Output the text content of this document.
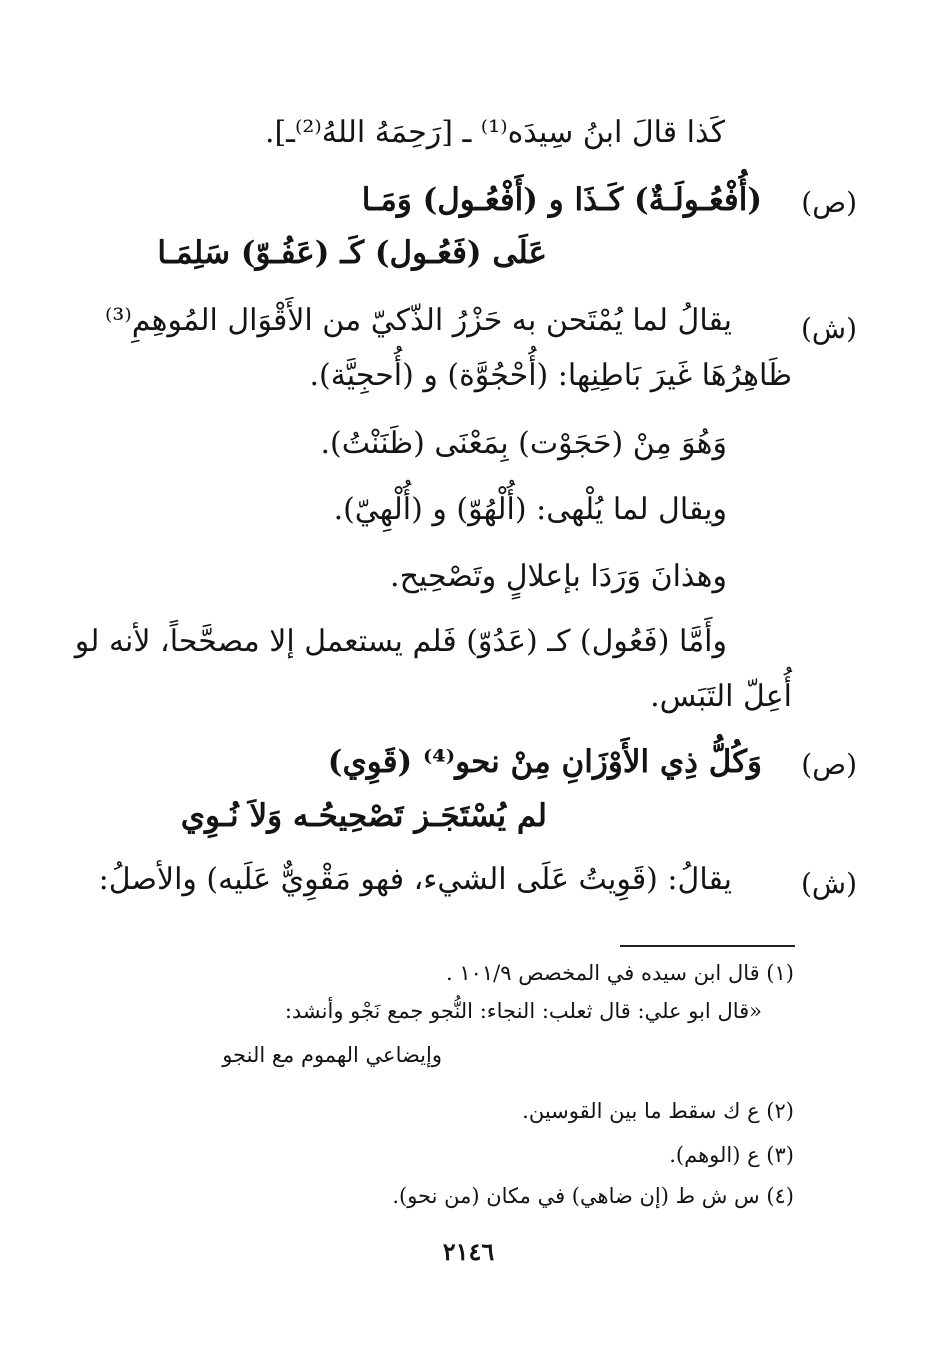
كَذا قالَ ابنُ سِيدَه⁽¹⁾ ـ [رَحِمَهُ اللهُ⁽²⁾ـ].
(ص)
(أُفْعُـولَـةٌ) كَـذَا و (أَفْعُـول) وَمَـا
عَلَى (فَعُـول) كَـ (عَفُـوّ) سَلِمَـا
(ش)
يقالُ لما يُمْتَحن به حَزْرُ الذّكيّ من الأَقْوَال المُوهِمِ⁽³⁾
ظَاهِرُهَا غَيرَ بَاطِنِها: (أُحْجُوَّة) و (أُحجِيَّة).
وَهُوَ مِنْ (حَجَوْت) بِمَعْنَى (ظَنَنْتُ).
ويقال لما يُلْهى: (أُلْهُوّ) و (أُلْهِيّ).
وهذانَ وَرَدَا بإعلالٍ وتَصْحِيح.
وأَمَّا (فَعُول) كـ (عَدُوّ) فَلم يستعمل إلا مصحَّحاً، لأنه لو
أُعِلّ التَبَس.
(ص)
وَكُلُّ ذِي الأَوْزَانِ مِنْ نحو⁽⁴⁾ (قَوِي)
لم يُسْتَجَـز تَصْحِيحُـه وَلاَ نُـوِي
(ش)
يقالُ: (قَوِيتُ عَلَى الشيء، فهو مَقْوِيٌّ عَلَيه) والأصلُ:
(١) قال ابن سيده في المخصص ١٠١/٩ .
«قال ابو علي: قال ثعلب: النجاء: النُّجو جمع نَجْو وأنشد:
وإيضاعي الهموم مع النجو
(٢) ع ك سقط ما بين القوسين.
(٣) ع (الوهم).
(٤) س ش ط (إن ضاهي) في مكان (من نحو).
٢١٤٦
